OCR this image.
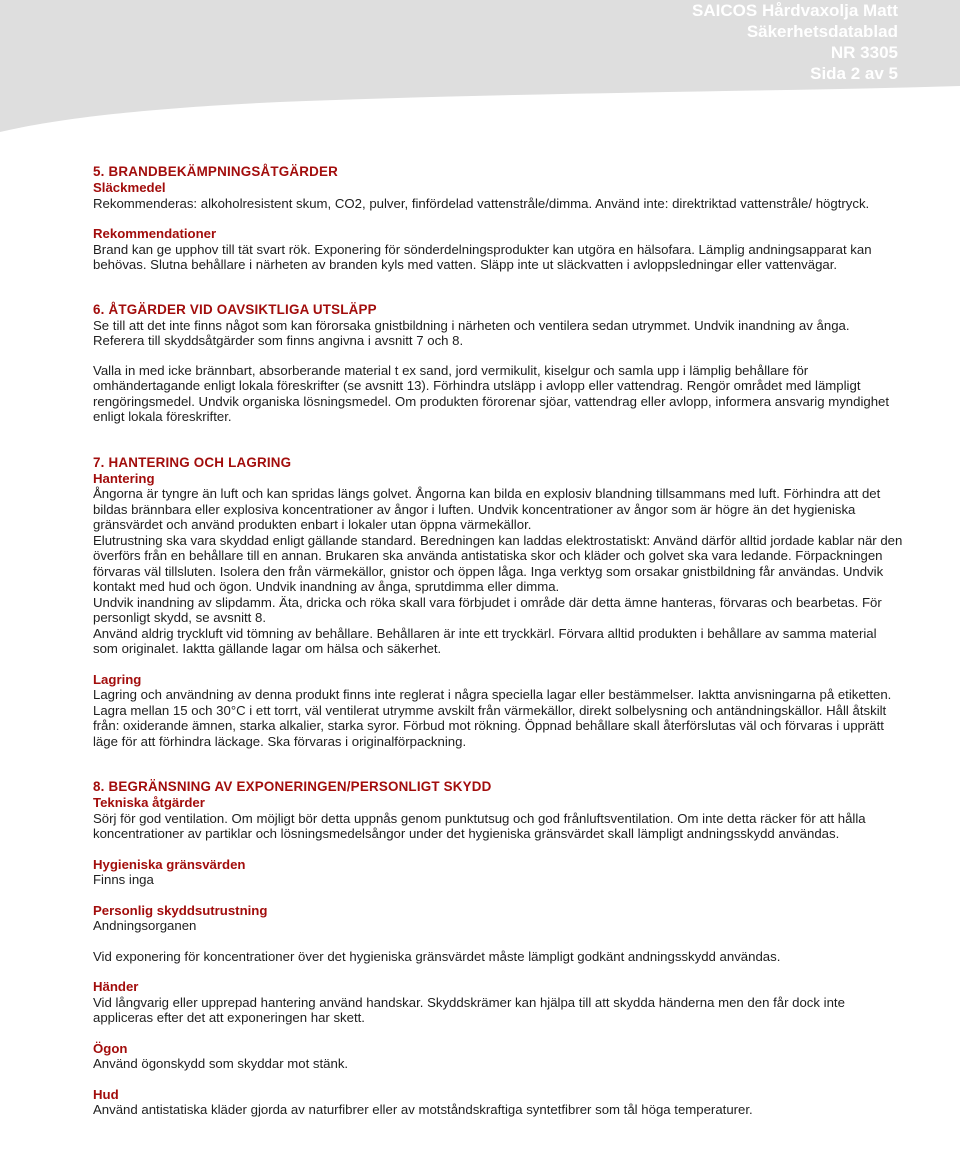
SAICOS Hårdvaxolja Matt
Säkerhetsdatablad
NR 3305
Sida 2 av 5
5. BRANDBEKÄMPNINGSÅTGÄRDER
Släckmedel
Rekommenderas: alkoholresistent skum, CO2, pulver, finfördelad vattenstråle/dimma. Använd inte: direktriktad vattenstråle/ högtryck.
Rekommendationer
Brand kan ge upphov till tät svart rök. Exponering för sönderdelningsprodukter kan utgöra en hälsofara. Lämplig andningsapparat kan behövas. Slutna behållare i närheten av branden kyls med vatten. Släpp inte ut släckvatten i avloppsledningar eller vattenvägar.
6. ÅTGÄRDER VID OAVSIKTLIGA UTSLÄPP
Se till att det inte finns något som kan förorsaka gnistbildning i närheten och ventilera sedan utrymmet. Undvik inandning av ånga. Referera till skyddsåtgärder som finns angivna i avsnitt 7 och 8.
Valla in med icke brännbart, absorberande material t ex sand, jord vermikulit, kiselgur och samla upp i lämplig behållare för omhändertagande enligt lokala föreskrifter (se avsnitt 13). Förhindra utsläpp i avlopp eller vattendrag. Rengör området med lämpligt rengöringsmedel. Undvik organiska lösningsmedel. Om produkten förorenar sjöar, vattendrag eller avlopp, informera ansvarig myndighet enligt lokala föreskrifter.
7. HANTERING OCH LAGRING
Hantering
Ångorna är tyngre än luft och kan spridas längs golvet. Ångorna kan bilda en explosiv blandning tillsammans med luft. Förhindra att det bildas brännbara eller explosiva koncentrationer av ångor i luften. Undvik koncentrationer av ångor som är högre än det hygieniska gränsvärdet och använd produkten enbart i lokaler utan öppna värmekällor.
Elutrustning ska vara skyddad enligt gällande standard. Beredningen kan laddas elektrostatiskt: Använd därför alltid jordade kablar när den överförs från en behållare till en annan. Brukaren ska använda antistatiska skor och kläder och golvet ska vara ledande. Förpackningen förvaras väl tillsluten. Isolera den från värmekällor, gnistor och öppen låga. Inga verktyg som orsakar gnistbildning får användas. Undvik kontakt med hud och ögon. Undvik inandning av ånga, sprutdimma eller dimma.
Undvik inandning av slipdamm. Äta, dricka och röka skall vara förbjudet i område där detta ämne hanteras, förvaras och bearbetas. För personligt skydd, se avsnitt 8.
Använd aldrig tryckluft vid tömning av behållare. Behållaren är inte ett tryckkärl. Förvara alltid produkten i behållare av samma material som originalet. Iaktta gällande lagar om hälsa och säkerhet.
Lagring
Lagring och användning av denna produkt finns inte reglerat i några speciella lagar eller bestämmelser. Iaktta anvisningarna på etiketten. Lagra mellan 15 och 30°C i ett torrt, väl ventilerat utrymme avskilt från värmekällor, direkt solbelysning och antändningskällor. Håll åtskilt från: oxiderande ämnen, starka alkalier, starka syror. Förbud mot rökning. Öppnad behållare skall återförslutas väl och förvaras i upprätt läge för att förhindra läckage. Ska förvaras i originalförpackning.
8. BEGRÄNSNING AV EXPONERINGEN/PERSONLIGT SKYDD
Tekniska åtgärder
Sörj för god ventilation. Om möjligt bör detta uppnås genom punktutsug och god frånluftsventilation. Om inte detta räcker för att hålla koncentrationer av partiklar och lösningsmedelsångor under det hygieniska gränsvärdet skall lämpligt andningsskydd användas.
Hygieniska gränsvärden
Finns inga
Personlig skyddsutrustning
Andningsorganen
Vid exponering för koncentrationer över det hygieniska gränsvärdet måste lämpligt godkänt andningsskydd användas.
Händer
Vid långvarig eller upprepad hantering använd handskar. Skyddskrämer kan hjälpa till att skydda händerna men den får dock inte appliceras efter det att exponeringen har skett.
Ögon
Använd ögonskydd som skyddar mot stänk.
Hud
Använd antistatiska kläder gjorda av naturfibrer eller av motståndskraftiga syntetfibrer som tål höga temperaturer.
